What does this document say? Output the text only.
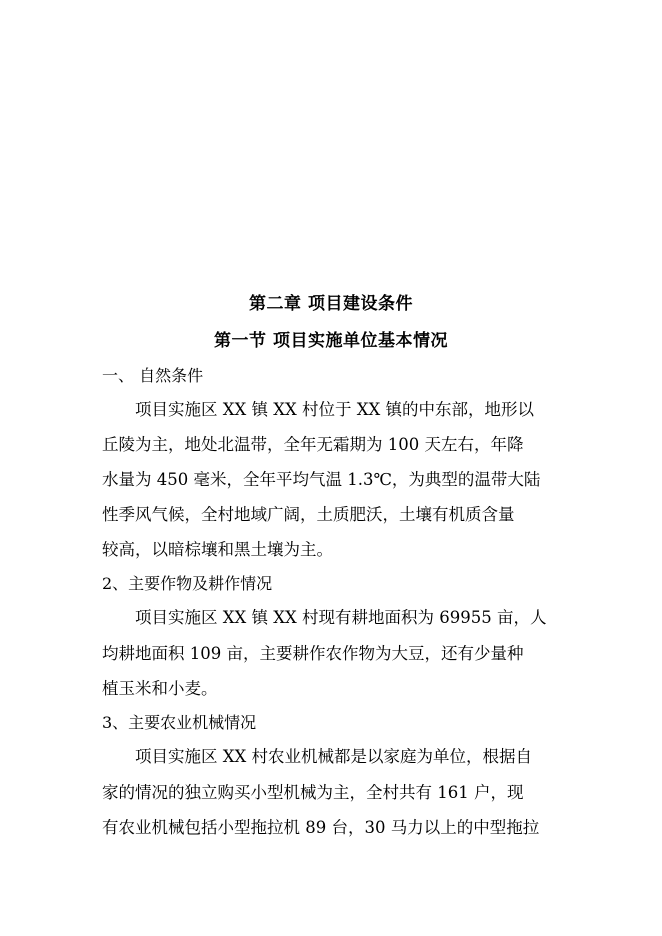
第二章 项目建设条件
第一节 项目实施单位基本情况
一、 自然条件
项目实施区 XX 镇 XX 村位于 XX 镇的中东部，地形以
丘陵为主，地处北温带，全年无霜期为 100 天左右，年降
水量为 450 毫米，全年平均气温 1.3℃，为典型的温带大陆
性季风气候，全村地域广阔，土质肥沃，土壤有机质含量
较高，以暗棕壤和黑土壤为主。
2、主要作物及耕作情况
项目实施区 XX 镇 XX 村现有耕地面积为 69955 亩，人
均耕地面积 109 亩，主要耕作农作物为大豆，还有少量种
植玉米和小麦。
3、主要农业机械情况
项目实施区 XX 村农业机械都是以家庭为单位，根据自
家的情况的独立购买小型机械为主，全村共有 161 户，现
有农业机械包括小型拖拉机 89 台，30 马力以上的中型拖拉
